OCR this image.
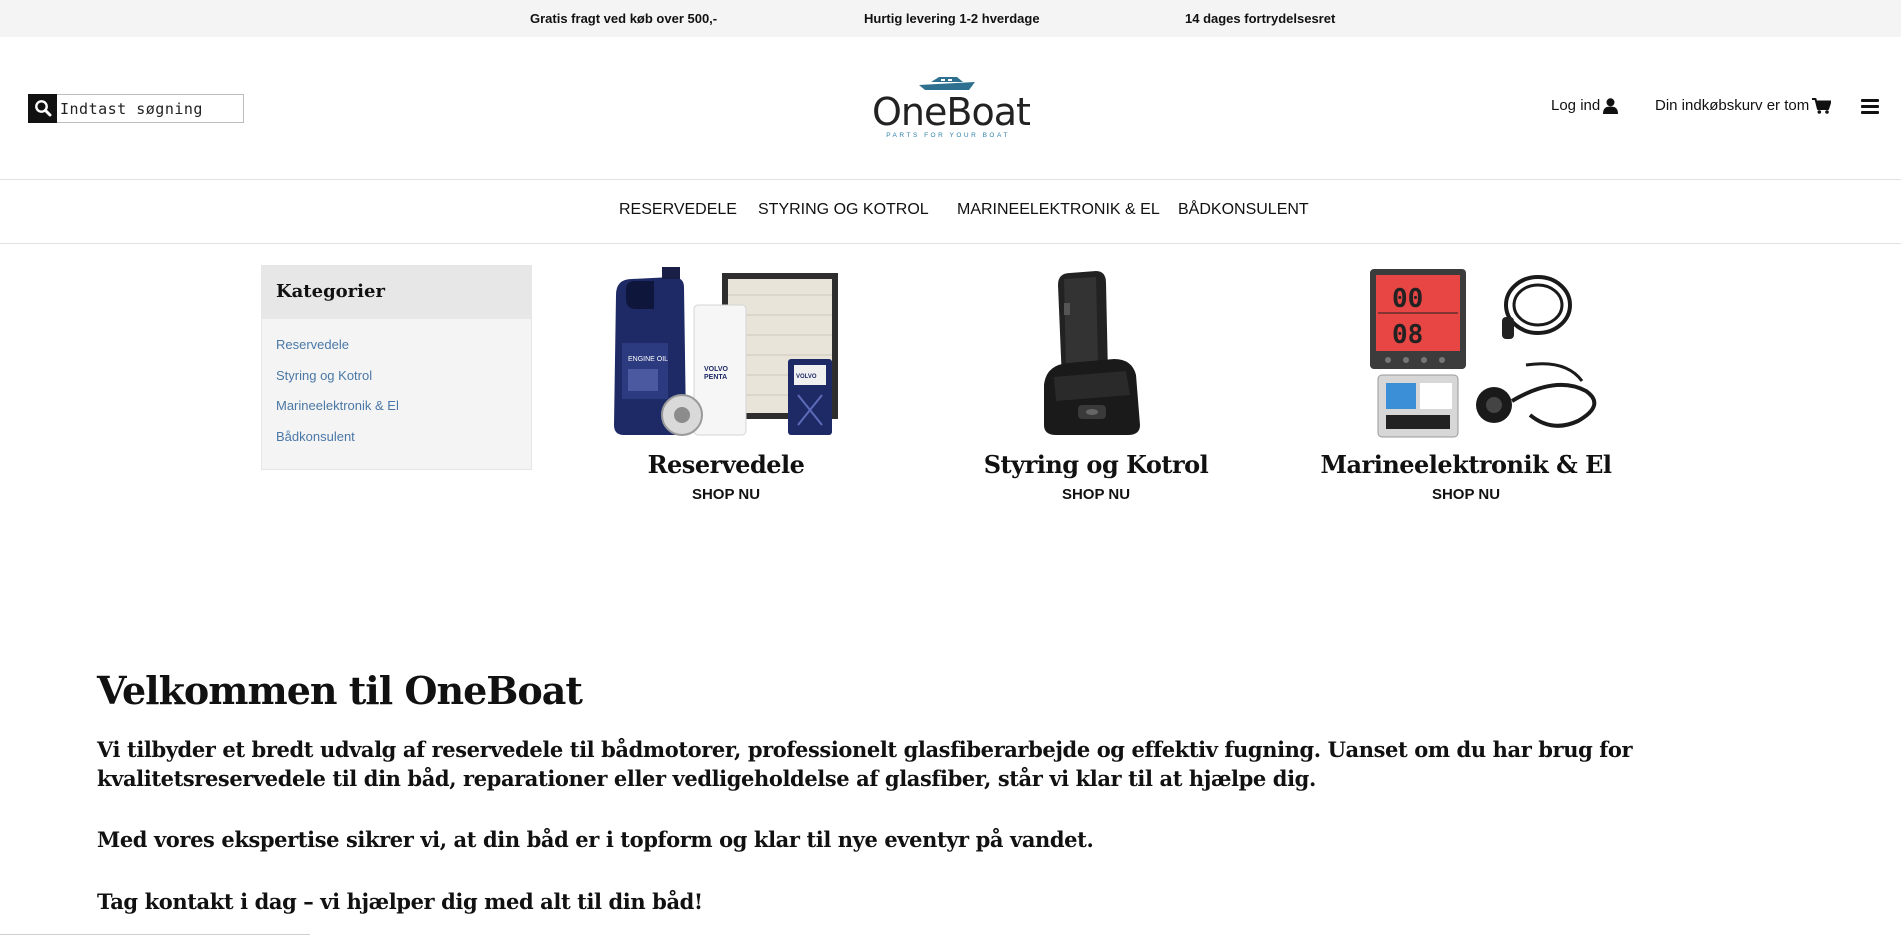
Gratis fragt ved køb over 500,-	Hurtig levering 1-2 hverdage	14 dages fortrydelsesret
Indtast søgning
OneBoat
PARTS FOR YOUR BOAT
Log ind	Din indkøbskurv er tom
RESERVEDELE STYRING OG KOTROL MARINEELEKTRONIK & EL BÅDKONSULENT
Kategorier
Reservedele
Styring og Kotrol
Marineelektronik & El
Bådkonsulent
ENGINE OIL
VOLVO
PENTA	VOLVO
Reservedele
SHOP NU
Styring og Kotrol
SHOP NU
00
08
Marineelektronik & El
SHOP NU
Velkommen til OneBoat

Vi tilbyder et bredt udvalg af reservedele til bådmotorer, professionelt glasfiberarbejde og effektiv fugning. Uanset om du har brug for kvalitetsreservedele til din båd, reparationer eller vedligeholdelse af glasfiber, står vi klar til at hjælpe dig.

Med vores ekspertise sikrer vi, at din båd er i topform og klar til nye eventyr på vandet.

Tag kontakt i dag – vi hjælper dig med alt til din båd!
